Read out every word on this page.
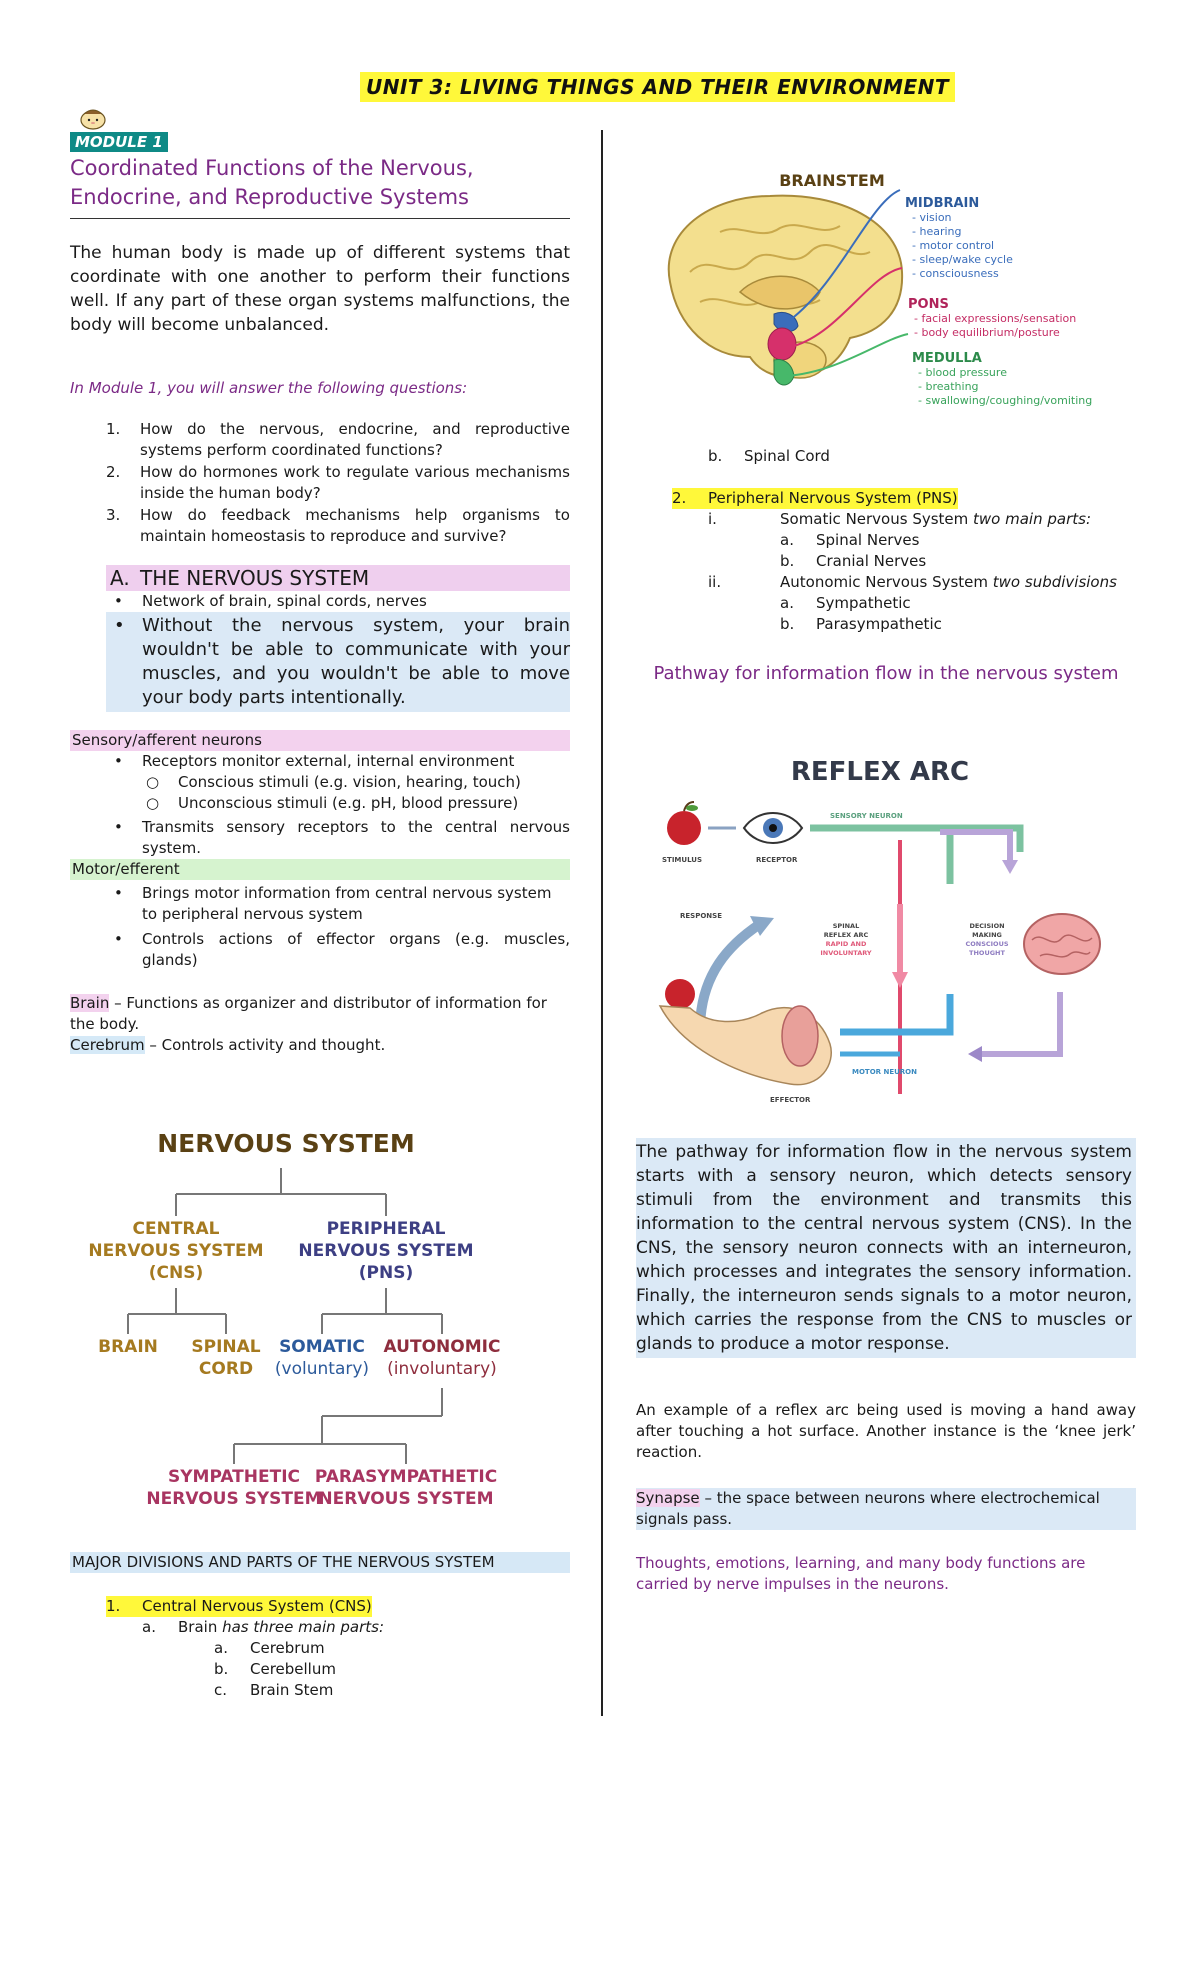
UNIT 3: LIVING THINGS AND THEIR ENVIRONMENT
MODULE 1
Coordinated Functions of the Nervous,
Endocrine, and Reproductive Systems

The human body is made up of different systems that coordinate with one another to perform their functions well. If any part of these organ systems malfunctions, the body will become unbalanced.

In Module 1, you will answer the following questions:

1.	How do the nervous, endocrine, and reproductive systems perform coordinated functions?
2.	How do hormones work to regulate various mechanisms inside the human body?
3.	How do feedback mechanisms help organisms to maintain homeostasis to reproduce and survive?
A. THE NERVOUS SYSTEM
•	Network of brain, spinal cords, nerves
• Without the nervous system, your brain wouldn't be able to communicate with your muscles, and you wouldn't be able to move your body parts intentionally.
Sensory/afferent neurons
•	Receptors monitor external, internal environment
○	Conscious stimuli (e.g. vision, hearing, touch)
○	Unconscious stimuli (e.g. pH, blood pressure)
•	Transmits sensory receptors to the central nervous system.
Motor/efferent
•	Brings motor information from central nervous system to peripheral nervous system
•	Controls actions of effector organs (e.g. muscles, glands)
Brain – Functions as organizer and distributor of information for the body.
Cerebrum – Controls activity and thought.
NERVOUS SYSTEM
CENTRAL
NERVOUS SYSTEM
(CNS)
BRAIN SPINAL
CORD
PERIPHERAL
NERVOUS SYSTEM
(PNS)
SOMATIC
(voluntary)
AUTONOMIC
(involuntary)
SYMPATHETIC
NERVOUS SYSTEM
PARASYMPATHETIC
NERVOUS SYSTEM
MAJOR DIVISIONS AND PARTS OF THE NERVOUS SYSTEM
1.	Central Nervous System (CNS)
a.	Brain has three main parts:
a.	Cerebrum
b.	Cerebellum
c.	Brain Stem
BRAINSTEM
MIDBRAIN
- vision
- hearing
- motor control
- sleep/wake cycle
- consciousness
PONS
- facial expressions/sensation
- body equilibrium/posture
MEDULLA
- blood pressure
- breathing
- swallowing/coughing/vomiting
b.	Spinal Cord
2.	Peripheral Nervous System (PNS)
i.	Somatic Nervous System two main parts:
a.	Spinal Nerves
b.	Cranial Nerves
ii.	Autonomic Nervous System two subdivisions
a.	Sympathetic
b.	Parasympathetic
Pathway for information flow in the nervous system
REFLEX ARC
STIMULUS	RECEPTOR
SENSORY NEURON
SPINAL
REFLEX ARC
RAPID AND
INVOLUNTARY
DECISION
MAKING
CONSCIOUS
THOUGHT
MOTOR NEURON
RESPONSE
EFFECTOR

The pathway for information flow in the nervous system starts with a sensory neuron, which detects sensory stimuli from the environment and transmits this information to the central nervous system (CNS). In the CNS, the sensory neuron connects with an interneuron, which processes and integrates the sensory information. Finally, the interneuron sends signals to a motor neuron, which carries the response from the CNS to muscles or glands to produce a motor response.

An example of a reflex arc being used is moving a hand away after touching a hot surface. Another instance is the ‘knee jerk’ reaction.

Synapse – the space between neurons where electrochemical signals pass.

Thoughts, emotions, learning, and many body functions are carried by nerve impulses in the neurons.
